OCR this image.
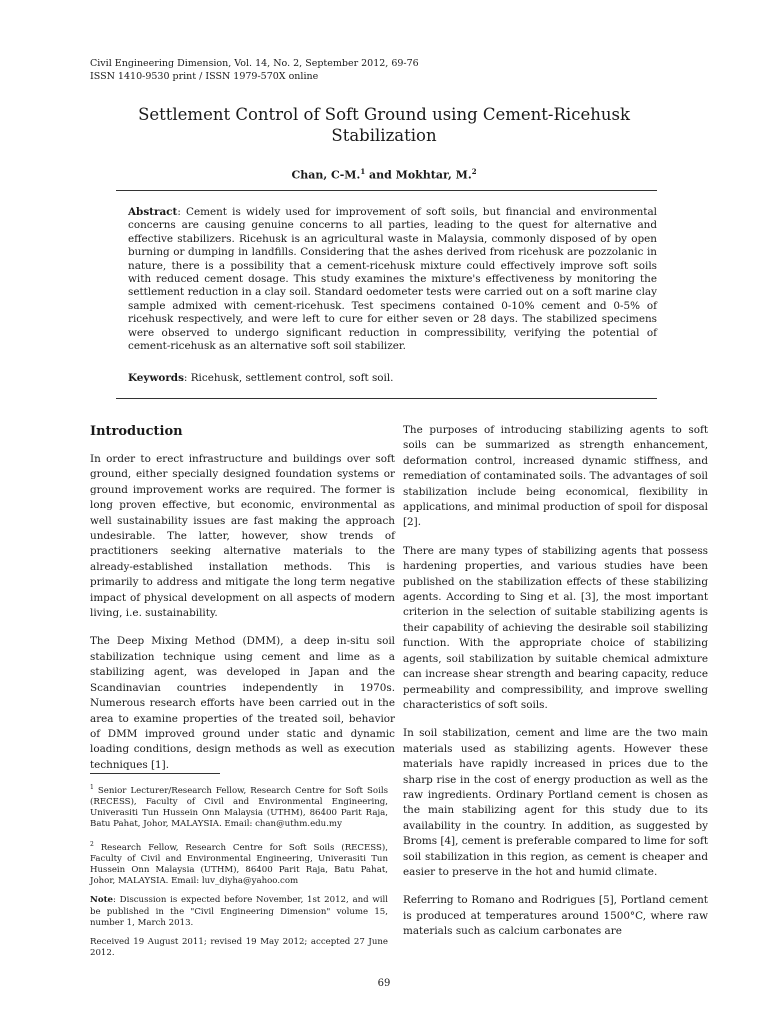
Civil Engineering Dimension, Vol. 14, No. 2, September 2012, 69-76
ISSN 1410-9530 print / ISSN 1979-570X online
Settlement Control of Soft Ground using Cement-Ricehusk
Stabilization
Chan, C-M.$^1$ and Mokhtar, M.$^2$
Abstract: Cement is widely used for improvement of soft soils, but financial and environmental concerns are causing genuine concerns to all parties, leading to the quest for alternative and effective stabilizers. Ricehusk is an agricultural waste in Malaysia, commonly disposed of by open burning or dumping in landfills. Considering that the ashes derived from ricehusk are pozzolanic in nature, there is a possibility that a cement-ricehusk mixture could effectively improve soft soils with reduced cement dosage. This study examines the mixture's effectiveness by monitoring the settlement reduction in a clay soil. Standard oedometer tests were carried out on a soft marine clay sample admixed with cement-ricehusk. Test specimens contained 0-10% cement and 0-5% of ricehusk respectively, and were left to cure for either seven or 28 days. The stabilized specimens were observed to undergo significant reduction in compressibility, verifying the potential of cement-ricehusk as an alternative soft soil stabilizer.
Keywords: Ricehusk, settlement control, soft soil.
Introduction

In order to erect infrastructure and buildings over soft ground, either specially designed foundation systems or ground improvement works are required. The former is long proven effective, but economic, environmental as well sustainability issues are fast making the approach undesirable. The latter, however, show trends of practitioners seeking alternative materials to the already-established installation methods. This is primarily to address and mitigate the long term negative impact of physical development on all aspects of modern living, i.e. sustainability.

The Deep Mixing Method (DMM), a deep in-situ soil stabilization technique using cement and lime as a stabilizing agent, was developed in Japan and the Scandinavian countries independently in 1970s. Numerous research efforts have been carried out in the area to examine properties of the treated soil, behavior of DMM improved ground under static and dynamic loading conditions, design methods as well as execution techniques [1].

$^1$ Senior Lecturer/Research Fellow, Research Centre for Soft Soils (RECESS), Faculty of Civil and Environmental Engineering, Univerasiti Tun Hussein Onn Malaysia (UTHM), 86400 Parit Raja, Batu Pahat, Johor, MALAYSIA. Email: chan@uthm.edu.my

$^2$ Research Fellow, Research Centre for Soft Soils (RECESS), Faculty of Civil and Environmental Engineering, Univerasiti Tun Hussein Onn Malaysia (UTHM), 86400 Parit Raja, Batu Pahat, Johor, MALAYSIA. Email: luv_diyha@yahoo.com

Note: Discussion is expected before November, 1st 2012, and will be published in the "Civil Engineering Dimension" volume 15, number 1, March 2013.

Received 19 August 2011; revised 19 May 2012; accepted 27 June 2012.

The purposes of introducing stabilizing agents to soft soils can be summarized as strength enhancement, deformation control, increased dynamic stiffness, and remediation of contaminated soils. The advantages of soil stabilization include being economical, flexibility in applications, and minimal production of spoil for disposal [2].

There are many types of stabilizing agents that possess hardening properties, and various studies have been published on the stabilization effects of these stabilizing agents. According to Sing et al. [3], the most important criterion in the selection of suitable stabilizing agents is their capability of achieving the desirable soil stabilizing function. With the appropriate choice of stabilizing agents, soil stabilization by suitable chemical admixture can increase shear strength and bearing capacity, reduce permeability and compressibility, and improve swelling characteristics of soft soils.

In soil stabilization, cement and lime are the two main materials used as stabilizing agents. However these materials have rapidly increased in prices due to the sharp rise in the cost of energy production as well as the raw ingredients. Ordinary Portland cement is chosen as the main stabilizing agent for this study due to its availability in the country. In addition, as suggested by Broms [4], cement is preferable compared to lime for soft soil stabilization in this region, as cement is cheaper and easier to preserve in the hot and humid climate.

Referring to Romano and Rodrigues [5], Portland cement is produced at temperatures around 1500°C, where raw materials such as calcium carbonates are

69
